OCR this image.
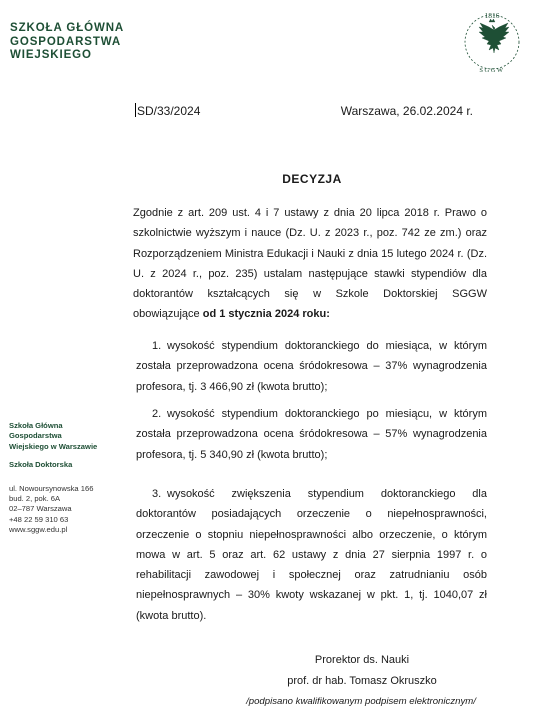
SZKOŁA GŁÓWNA
GOSPODARSTWA
WIEJSKIEGO
1816
SGGW
Szkoła Główna
Gospodarstwa
Wiejskiego w Warszawie
Szkoła Doktorska
ul. Nowoursynowska 166
bud. 2, pok. 6A
02–787 Warszawa
+48 22 59 310 63
www.sggw.edu.pl
SD/33/2024	Warszawa, 26.02.2024 r.
DECYZJA
Zgodnie z art. 209 ust. 4 i 7 ustawy z dnia 20 lipca 2018 r. Prawo o szkolnictwie wyższym i nauce (Dz. U. z 2023 r., poz. 742 ze zm.) oraz Rozporządzeniem Ministra Edukacji i Nauki z dnia 15 lutego 2024 r. (Dz. U. z 2024 r., poz. 235) ustalam następujące stawki stypendiów dla doktorantów kształcących się w Szkole Doktorskiej SGGW obowiązujące od 1 stycznia 2024 roku:
1. wysokość stypendium doktoranckiego do miesiąca, w którym została przeprowadzona ocena śródokresowa – 37% wynagrodzenia profesora, tj. 3 466,90 zł (kwota brutto);
2. wysokość stypendium doktoranckiego po miesiącu, w którym została przeprowadzona ocena śródokresowa – 57% wynagrodzenia profesora, tj. 5 340,90 zł (kwota brutto);
3. wysokość zwiększenia stypendium doktoranckiego dla doktorantów posiadających orzeczenie o niepełnosprawności, orzeczenie o stopniu niepełnosprawności albo orzeczenie, o którym mowa w art. 5 oraz art. 62 ustawy z dnia 27 sierpnia 1997 r. o rehabilitacji zawodowej i społecznej oraz zatrudnianiu osób niepełnosprawnych – 30% kwoty wskazanej w pkt. 1, tj. 1040,07 zł (kwota brutto).
Prorektor ds. Nauki
prof. dr hab. Tomasz Okruszko
/podpisano kwalifikowanym podpisem elektronicznym/
